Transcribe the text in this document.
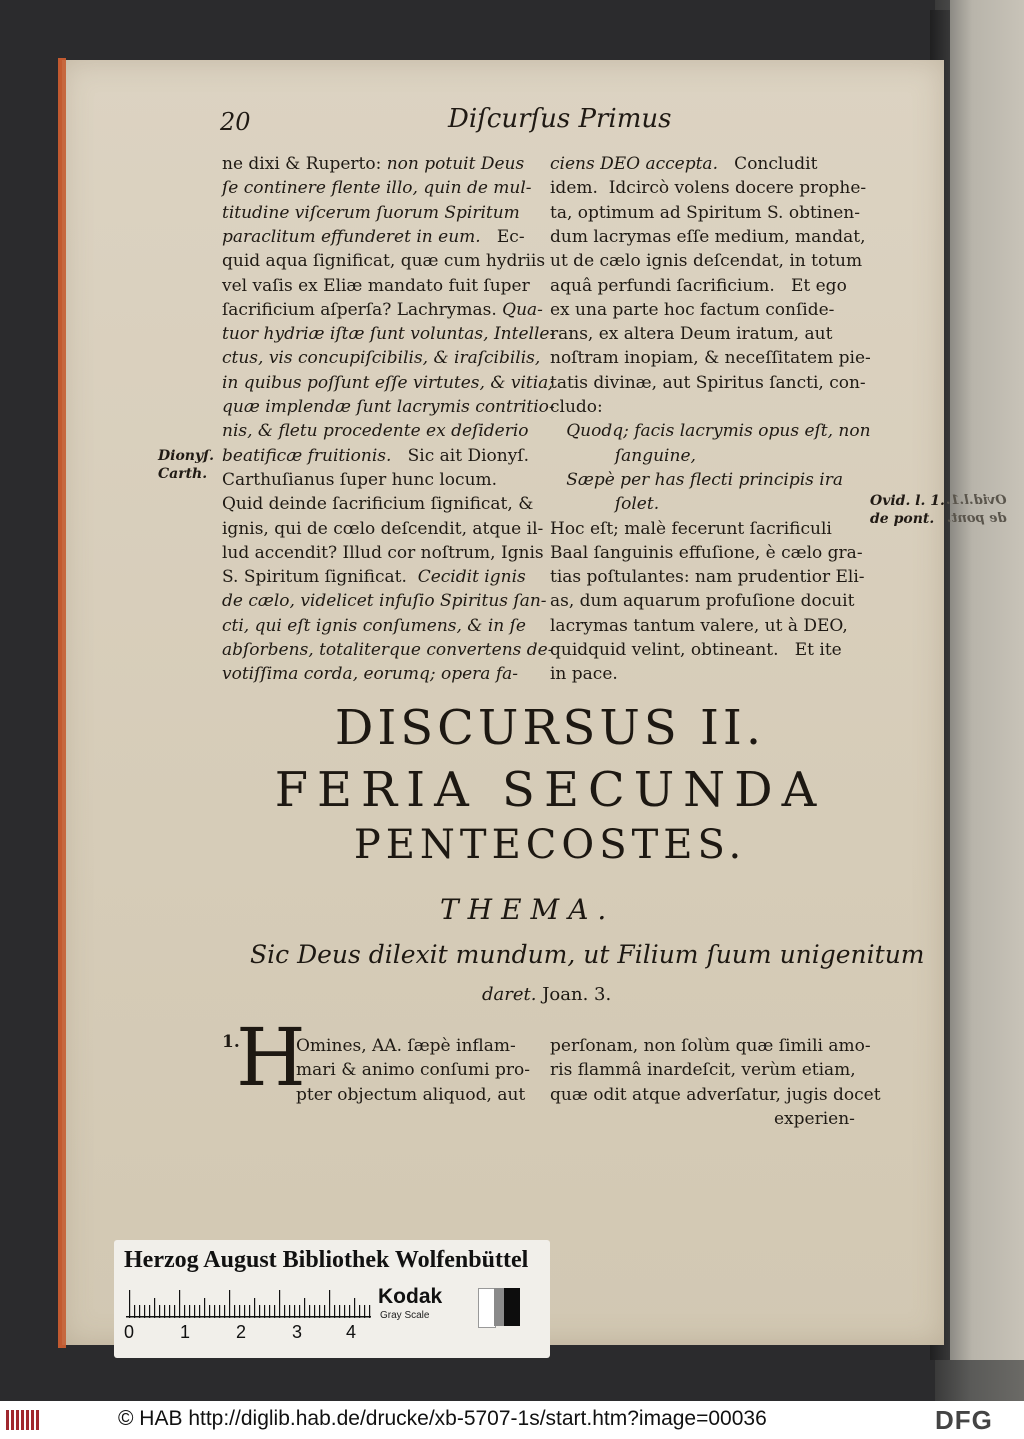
Ovid.l.1.
de pont.
20	Diſcurſus Primus
ne dixi & Ruperto: non potuit Deus
ſe continere flente illo, quin de mul-
titudine viſcerum ſuorum Spiritum
paraclitum effunderet in eum.   Ec-
quid aqua ſignificat, quæ cum hydriis
vel vaſis ex Eliæ mandato fuit ſuper
ſacrificium aſperſa? Lachrymas. Qua-
tuor hydriæ iſtæ ſunt voluntas, Intelle-
ctus, vis concupiſcibilis, & iraſcibilis,
in quibus poſſunt eſſe virtutes, & vitia;
quæ implendæ ſunt lacrymis contritio-
nis, & fletu procedente ex deſiderio
beatificæ fruitionis.   Sic ait Dionyſ.
Carthuſianus ſuper hunc locum.
Quid deinde ſacrificium ſignificat, &
ignis, qui de cœlo deſcendit, atque il-
lud accendit? Illud cor noſtrum, Ignis
S. Spiritum ſignificat.  Cecidit ignis
de cælo, videlicet infuſio Spiritus ſan-
cti, qui eſt ignis conſumens, & in ſe
abſorbens, totaliterque convertens de-
votiſſima corda, eorumq; opera fa-
ciens DEO accepta.   Concludit
idem.  Idcircò volens docere prophe-
ta, optimum ad Spiritum S. obtinen-
dum lacrymas eſſe medium, mandat,
ut de cælo ignis deſcendat, in totum
aquâ perfundi ſacrificium.   Et ego
ex una parte hoc factum conſide-
rans, ex altera Deum iratum, aut
noſtram inopiam, & neceſſitatem pie-
tatis divinæ, aut Spiritus ſancti, con-
cludo:
Quodq; facis lacrymis opus eſt, non
ſanguine,
Sæpè per has flecti principis ira
ſolet.
Hoc eſt; malè fecerunt ſacrificuli
Baal ſanguinis effuſione, è cælo gra-
tias poſtulantes: nam prudentior Eli-
as, dum aquarum profuſione docuit
lacrymas tantum valere, ut à DEO,
quidquid velint, obtineant.   Et ite
in pace.
Dionyſ.
Carth.
Ovid. l. 1.
de pont.
DISCURSUS II.
FERIA SECUNDA
PENTECOSTES.
THEMA.
Sic Deus dilexit mundum, ut Filium ſuum unigenitum
daret. Joan. 3.
1.
H
Omines, AA. ſæpè inflam-
mari & animo conſumi pro-
pter objectum aliquod, aut
perſonam, non ſolùm quæ ſimili amo-
ris flammâ inardeſcit, verùm etiam,
quæ odit atque adverſatur, jugis docet
experien-
Herzog August Bibliothek Wolfenbüttel
0	1	2	3 4
Kodak
Gray Scale
© HAB http://diglib.hab.de/drucke/xb-5707-1s/start.htm?image=00036	DFG
